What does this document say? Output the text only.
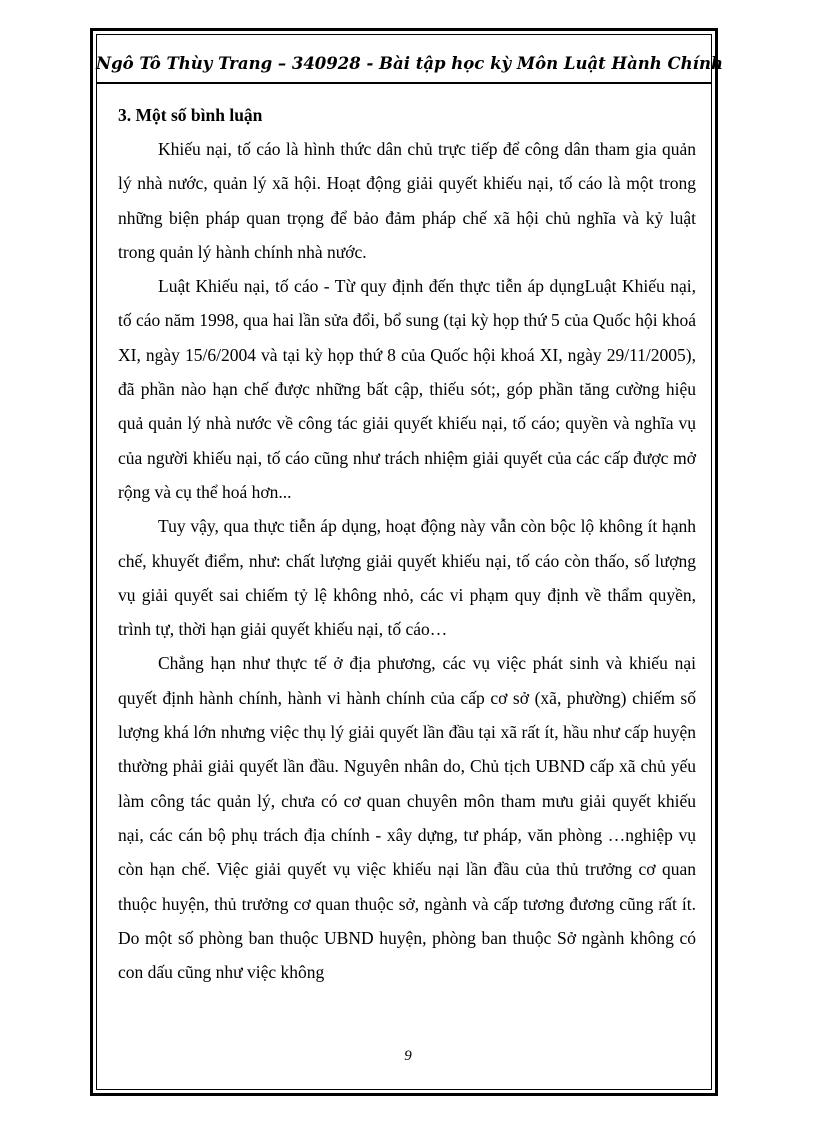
Ngô Tô Thùy Trang – 340928 - Bài tập học kỳ Môn Luật Hành Chính

3. Một số bình luận

Khiếu nại, tố cáo là hình thức dân chủ trực tiếp để công dân tham gia quản lý nhà nước, quản lý xã hội. Hoạt động giải quyết khiếu nại, tố cáo là một trong những biện pháp quan trọng để bảo đảm pháp chế xã hội chủ nghĩa và kỷ luật trong quản lý hành chính nhà nước.

Luật Khiếu nại, tố cáo - Từ quy định đến thực tiễn áp dụngLuật Khiếu nại, tố cáo năm 1998, qua hai lần sửa đổi, bổ sung (tại kỳ họp thứ 5 của Quốc hội khoá XI, ngày 15/6/2004 và tại kỳ họp thứ 8 của Quốc hội khoá XI, ngày 29/11/2005), đã phần nào hạn chế được những bất cập, thiếu sót;, góp phần tăng cường hiệu quả quản lý nhà nước về công tác giải quyết khiếu nại, tố cáo; quyền và nghĩa vụ của người khiếu nại, tố cáo cũng như trách nhiệm giải quyết của các cấp được mở rộng và cụ thể hoá hơn...

Tuy vậy, qua thực tiễn áp dụng, hoạt động này vẫn còn bộc lộ không ít hạnh chế, khuyết điểm, như: chất lượng giải quyết khiếu nại, tố cáo còn thấo, số lượng vụ giải quyết sai chiếm tỷ lệ không nhỏ, các vi phạm quy định về thẩm quyền, trình tự, thời hạn giải quyết khiếu nại, tố cáo…

Chẳng hạn như thực tế ở địa phương, các vụ việc phát sinh và khiếu nại quyết định hành chính, hành vi hành chính của cấp cơ sở (xã, phường) chiếm số lượng khá lớn nhưng việc thụ lý giải quyết lần đầu tại xã rất ít, hầu như cấp huyện thường phải giải quyết lần đầu. Nguyên nhân do, Chủ tịch UBND cấp xã chủ yếu làm công tác quản lý, chưa có cơ quan chuyên môn tham mưu giải quyết khiếu nại, các cán bộ phụ trách địa chính - xây dựng, tư pháp, văn phòng …nghiệp vụ còn hạn chế. Việc giải quyết vụ việc khiếu nại lần đầu của thủ trưởng cơ quan thuộc huyện, thủ trưởng cơ quan thuộc sở, ngành và cấp tương đương cũng rất ít. Do một số phòng ban thuộc UBND huyện, phòng ban thuộc Sở ngành không có con dấu cũng như việc không

9
